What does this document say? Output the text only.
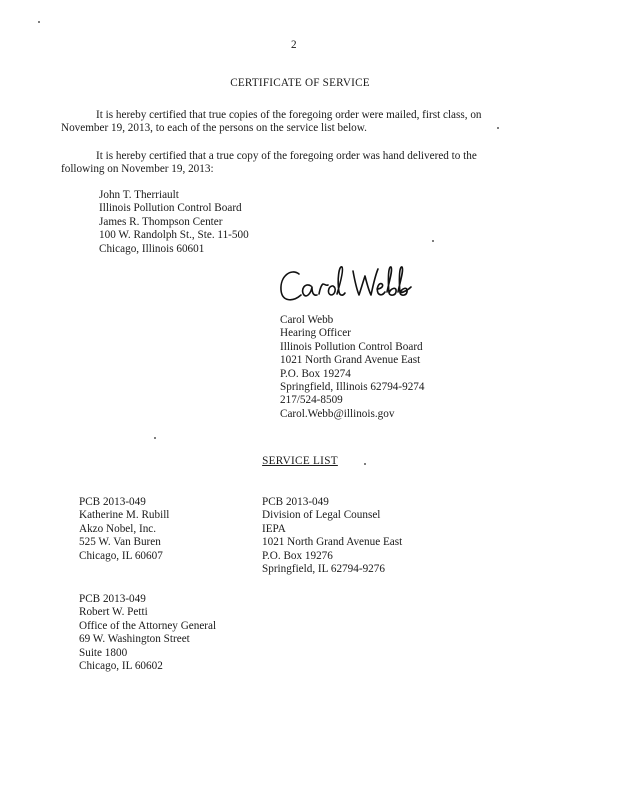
2
CERTIFICATE OF SERVICE
It is hereby certified that true copies of the foregoing order were mailed, first class, on November 19, 2013, to each of the persons on the service list below.
It is hereby certified that a true copy of the foregoing order was hand delivered to the following on November 19, 2013:
John T. Therriault
Illinois Pollution Control Board
James R. Thompson Center
100 W. Randolph St., Ste. 11-500
Chicago, Illinois 60601
Carol Webb
Hearing Officer
Illinois Pollution Control Board
1021 North Grand Avenue East
P.O. Box 19274
Springfield, Illinois 62794-9274
217/524-8509
Carol.Webb@illinois.gov
SERVICE LIST
PCB 2013-049
Katherine M. Rubill
Akzo Nobel, Inc.
525 W. Van Buren
Chicago, IL 60607
PCB 2013-049
Division of Legal Counsel
IEPA
1021 North Grand Avenue East
P.O. Box 19276
Springfield, IL 62794-9276
PCB 2013-049
Robert W. Petti
Office of the Attorney General
69 W. Washington Street
Suite 1800
Chicago, IL 60602
